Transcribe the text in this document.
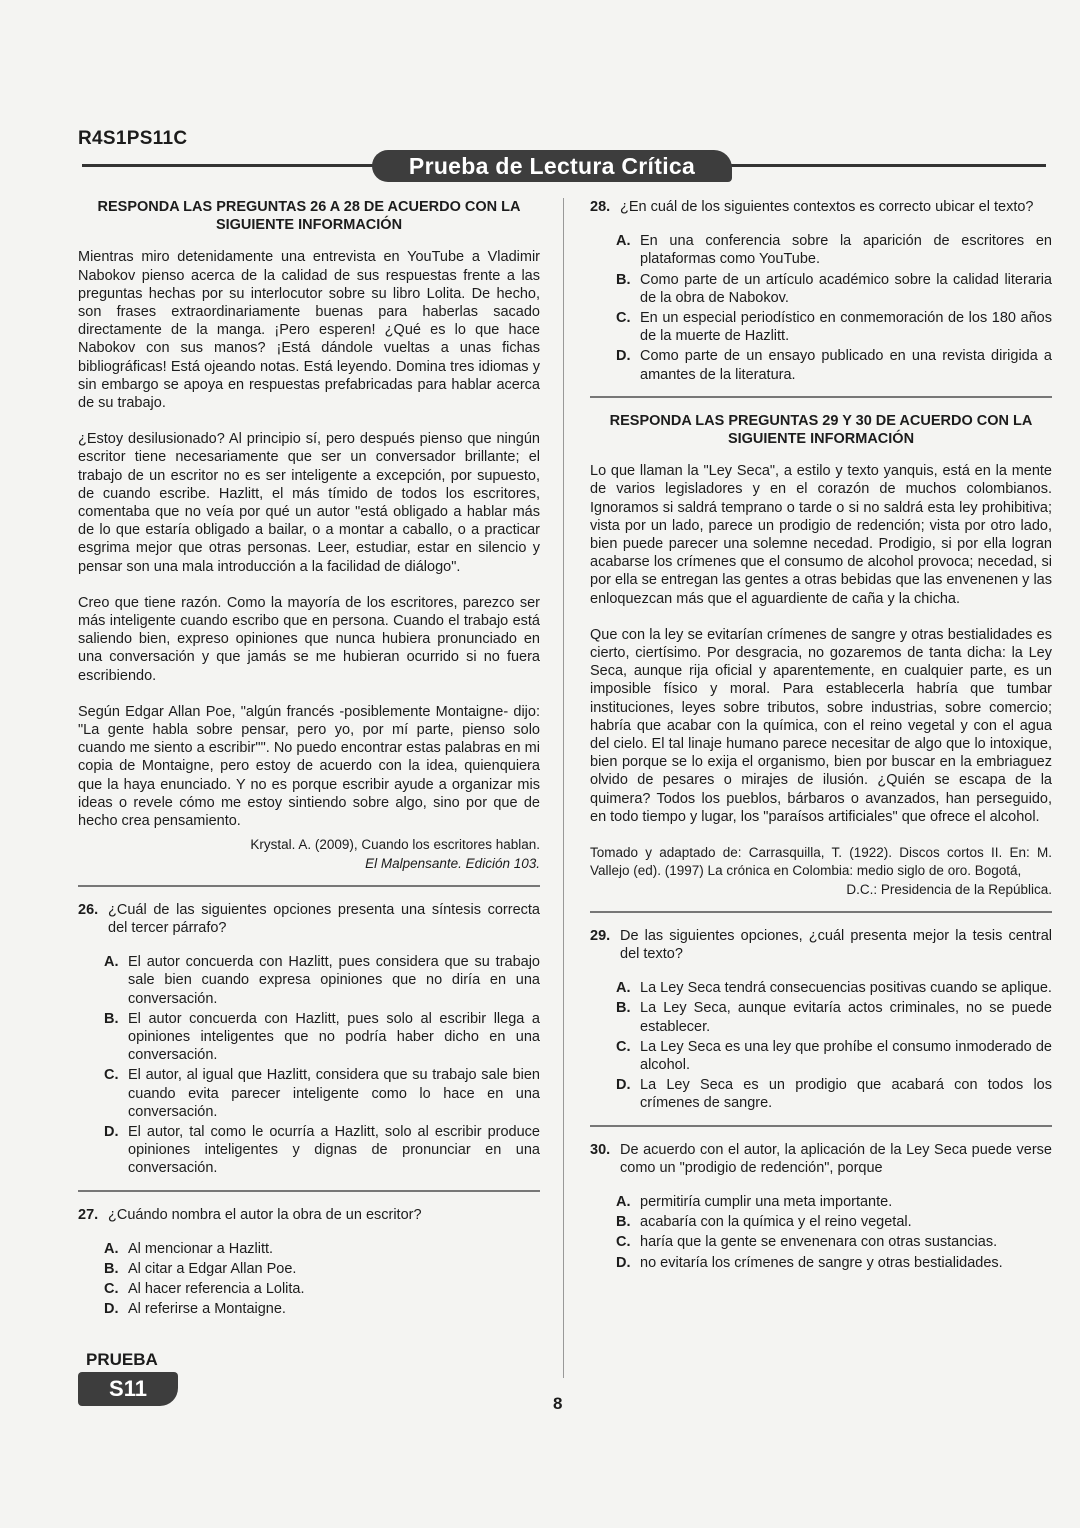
R4S1PS11C
Prueba de Lectura Crítica
RESPONDA LAS PREGUNTAS 26 A 28 DE ACUERDO CON LA SIGUIENTE INFORMACIÓN

Mientras miro detenidamente una entrevista en YouTube a Vladimir Nabokov pienso acerca de la calidad de sus respuestas frente a las preguntas hechas por su interlocutor sobre su libro Lolita. De hecho, son frases extraordinariamente buenas para haberlas sacado directamente de la manga. ¡Pero esperen! ¿Qué es lo que hace Nabokov con sus manos? ¡Está dándole vueltas a unas fichas bibliográficas! Está ojeando notas. Está leyendo. Domina tres idiomas y sin embargo se apoya en respuestas prefabricadas para hablar acerca de su trabajo.

¿Estoy desilusionado? Al principio sí, pero después pienso que ningún escritor tiene necesariamente que ser un conversador brillante; el trabajo de un escritor no es ser inteligente a excepción, por supuesto, de cuando escribe. Hazlitt, el más tímido de todos los escritores, comentaba que no veía por qué un autor "está obligado a hablar más de lo que estaría obligado a bailar, o a montar a caballo, o a practicar esgrima mejor que otras personas. Leer, estudiar, estar en silencio y pensar son una mala introducción a la facilidad de diálogo".

Creo que tiene razón. Como la mayoría de los escritores, parezco ser más inteligente cuando escribo que en persona. Cuando el trabajo está saliendo bien, expreso opiniones que nunca hubiera pronunciado en una conversación y que jamás se me hubieran ocurrido si no fuera escribiendo.

Según Edgar Allan Poe, "algún francés -posiblemente Montaigne- dijo: "La gente habla sobre pensar, pero yo, por mí parte, pienso solo cuando me siento a escribir"". No puedo encontrar estas palabras en mi copia de Montaigne, pero estoy de acuerdo con la idea, quienquiera que la haya enunciado. Y no es porque escribir ayude a organizar mis ideas o revele cómo me estoy sintiendo sobre algo, sino por que de hecho crea pensamiento.

Krystal. A. (2009), Cuando los escritores hablan.
El Malpensante. Edición 103.
26. ¿Cuál de las siguientes opciones presenta una síntesis correcta del tercer párrafo?
A. El autor concuerda con Hazlitt, pues considera que su trabajo sale bien cuando expresa opiniones que no diría en una conversación.
B. El autor concuerda con Hazlitt, pues solo al escribir llega a opiniones inteligentes que no podría haber dicho en una conversación.
C. El autor, al igual que Hazlitt, considera que su trabajo sale bien cuando evita parecer inteligente como lo hace en una conversación.
D. El autor, tal como le ocurría a Hazlitt, solo al escribir produce opiniones inteligentes y dignas de pronunciar en una conversación.
27. ¿Cuándo nombra el autor la obra de un escritor?
A. Al mencionar a Hazlitt.
B. Al citar a Edgar Allan Poe.
C. Al hacer referencia a Lolita.
D. Al referirse a Montaigne.
28. ¿En cuál de los siguientes contextos es correcto ubicar el texto?
A. En una conferencia sobre la aparición de escritores en plataformas como YouTube.
B. Como parte de un artículo académico sobre la calidad literaria de la obra de Nabokov.
C. En un especial periodístico en conmemoración de los 180 años de la muerte de Hazlitt.
D. Como parte de un ensayo publicado en una revista dirigida a amantes de la literatura.
RESPONDA LAS PREGUNTAS 29 Y 30 DE ACUERDO CON LA SIGUIENTE INFORMACIÓN

Lo que llaman la "Ley Seca", a estilo y texto yanquis, está en la mente de varios legisladores y en el corazón de muchos colombianos. Ignoramos si saldrá temprano o tarde o si no saldrá esta ley prohibitiva; vista por un lado, parece un prodigio de redención; vista por otro lado, bien puede parecer una solemne necedad. Prodigio, si por ella logran acabarse los crímenes que el consumo de alcohol provoca; necedad, si por ella se entregan las gentes a otras bebidas que las envenenen y las enloquezcan más que el aguardiente de caña y la chicha.

Que con la ley se evitarían crímenes de sangre y otras bestialidades es cierto, ciertísimo. Por desgracia, no gozaremos de tanta dicha: la Ley Seca, aunque rija oficial y aparentemente, en cualquier parte, es un imposible físico y moral. Para establecerla habría que tumbar instituciones, leyes sobre tributos, sobre industrias, sobre comercio; habría que acabar con la química, con el reino vegetal y con el agua del cielo. El tal linaje humano parece necesitar de algo que lo intoxique, bien porque se lo exija el organismo, bien por buscar en la embriaguez olvido de pesares o mirajes de ilusión. ¿Quién se escapa de la quimera? Todos los pueblos, bárbaros o avanzados, han perseguido, en todo tiempo y lugar, los "paraísos artificiales" que ofrece el alcohol.

Tomado y adaptado de: Carrasquilla, T. (1922). Discos cortos II. En: M. Vallejo (ed). (1997) La crónica en Colombia: medio siglo de oro. Bogotá,
D.C.: Presidencia de la República.
29. De las siguientes opciones, ¿cuál presenta mejor la tesis central del texto?
A. La Ley Seca tendrá consecuencias positivas cuando se aplique.
B. La Ley Seca, aunque evitaría actos criminales, no se puede establecer.
C. La Ley Seca es una ley que prohíbe el consumo inmoderado de alcohol.
D. La Ley Seca es un prodigio que acabará con todos los crímenes de sangre.
30. De acuerdo con el autor, la aplicación de la Ley Seca puede verse como un "prodigio de redención", porque
A. permitiría cumplir una meta importante.
B. acabaría con la química y el reino vegetal.
C. haría que la gente se envenenara con otras sustancias.
D. no evitaría los crímenes de sangre y otras bestialidades.
PRUEBA
S11
8
